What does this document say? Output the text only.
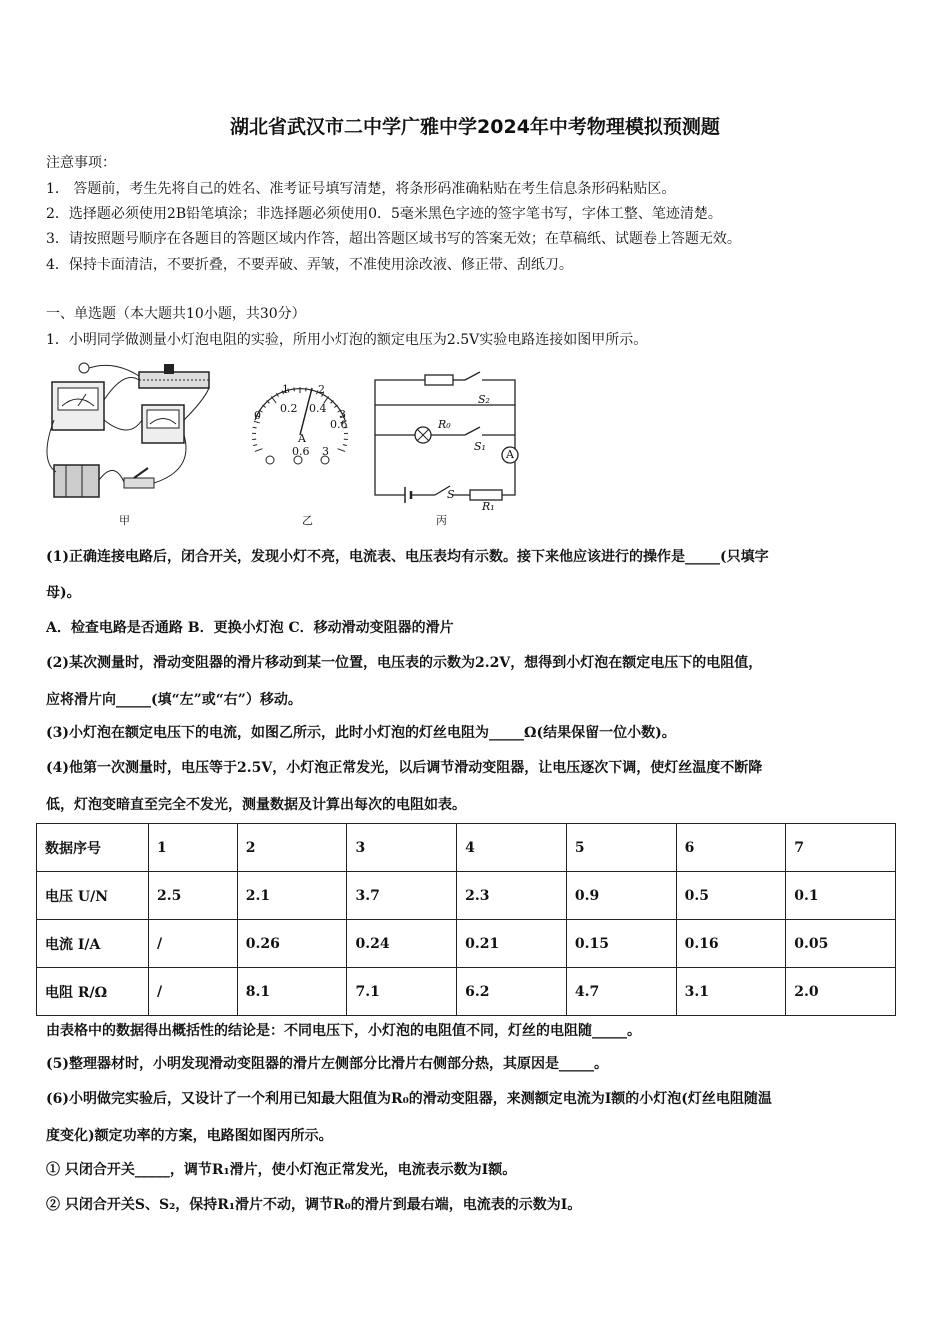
湖北省武汉市二中学广雅中学2024年中考物理模拟预测题
注意事项：
1． 答题前，考生先将自己的姓名、准考证号填写清楚，将条形码准确粘贴在考生信息条形码粘贴区。
2．选择题必须使用2B铅笔填涂；非选择题必须使用0．5毫米黑色字迹的签字笔书写，字体工整、笔迹清楚。
3．请按照题号顺序在各题目的答题区域内作答，超出答题区域书写的答案无效；在草稿纸、试题卷上答题无效。
4．保持卡面清洁，不要折叠，不要弄破、弄皱，不准使用涂改液、修正带、刮纸刀。
一、单选题（本大题共10小题，共30分）
1．小明同学做测量小灯泡电阻的实验，所用小灯泡的额定电压为2.5V实验电路连接如图甲所示。
甲
0
1	2
3
0.2 0.4
0.6
A
0.6 3
乙
S₂
R₀
S₁
A
S
R₁
丙
(1)正确连接电路后，闭合开关，发现小灯不亮，电流表、电压表均有示数。接下来他应该进行的操作是_____(只填字
母)。
A．检查电路是否通路 B．更换小灯泡 C．移动滑动变阻器的滑片
(2)某次测量时，滑动变阻器的滑片移动到某一位置，电压表的示数为2.2V，想得到小灯泡在额定电压下的电阻值，
应将滑片向_____(填“左”或“右”）移动。
(3)小灯泡在额定电压下的电流，如图乙所示，此时小灯泡的灯丝电阻为_____Ω(结果保留一位小数)。
(4)他第一次测量时，电压等于2.5V，小灯泡正常发光，以后调节滑动变阻器，让电压逐次下调，使灯丝温度不断降
低，灯泡变暗直至完全不发光，测量数据及计算出每次的电阻如表。
数据序号	1	2	3	4	5	6	7
电压 U/N	2.5	2.1	3.7	2.3	0.9	0.5	0.1
电流 I/A	/	0.26	0.24	0.21	0.15	0.16	0.05
电阻 R/Ω	/	8.1	7.1	6.2	4.7	3.1	2.0
由表格中的数据得出概括性的结论是：不同电压下，小灯泡的电阻值不同，灯丝的电阻随_____。
(5)整理器材时，小明发现滑动变阻器的滑片左侧部分比滑片右侧部分热，其原因是_____。
(6)小明做完实验后，又设计了一个利用已知最大阻值为R₀的滑动变阻器，来测额定电流为I额的小灯泡(灯丝电阻随温
度变化)额定功率的方案，电路图如图丙所示。
① 只闭合开关_____，调节R₁滑片，使小灯泡正常发光，电流表示数为I额。
② 只闭合开关S、S₂，保持R₁滑片不动，调节R₀的滑片到最右端，电流表的示数为I。
